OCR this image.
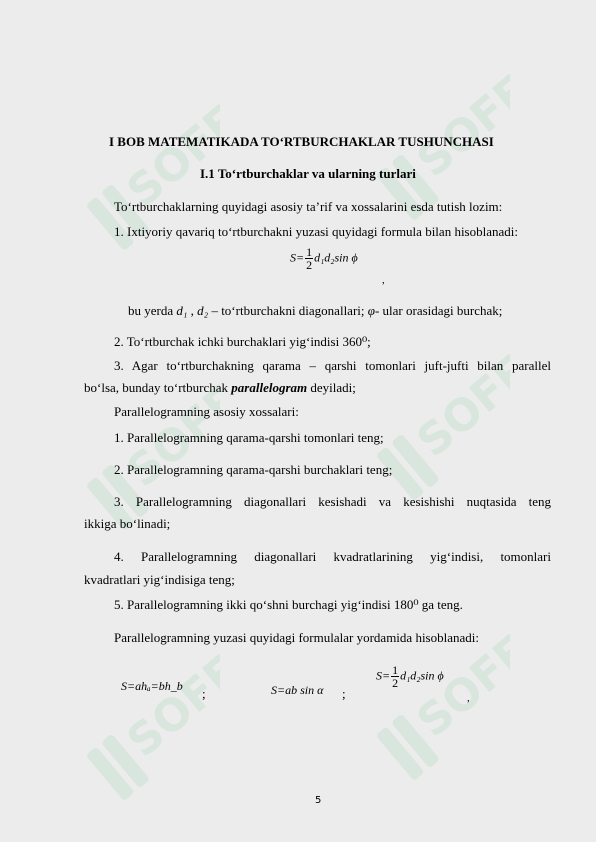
SOFF	SOFF
SOFF	SOFF
SOFF	SOFF
I BOB MATEMATIKADA TO‘RTBURCHAKLAR TUSHUNCHASI
I.1 To‘rtburchaklar va ularning turlari
To‘rtburchaklarning quyidagi asosiy ta’rif va xossalarini esda tutish lozim:
1. Ixtiyoriy qavariq to‘rtburchakni yuzasi quyidagi formula bilan hisoblanadi:
$S= \frac{1}{2} d_1d_2\sin$ ϕ
,
bu yerda d₁ , d₂ – to‘rtburchakni diagonallari; φ- ular orasidagi burchak;
2. To‘rtburchak ichki burchaklari yig‘indisi 360⁰;
3. Agar to‘rtburchakning qarama – qarshi tomonlari juft-jufti bilan parallel
bo‘lsa, bunday to‘rtburchak parallelogram deyiladi;
Parallelogramning asosiy xossalari:
1. Parallelogramning qarama-qarshi tomonlari teng;
2. Parallelogramning qarama-qarshi burchaklari teng;
3. Parallelogramning diagonallari kesishadi va kesishishi nuqtasida teng
ikkiga bo‘linadi;
4. Parallelogramning diagonallari kvadratlarining yig‘indisi, tomonlari
kvadratlari yig‘indisiga teng;
5. Parallelogramning ikki qo‘shni burchagi yig‘indisi 180⁰ ga teng.
Parallelogramning yuzasi quyidagi formulalar yordamida hisoblanadi:
S=ahₐ=bh_b ;	S=ab sin α ;
$S= \frac{1}{2} d_1d_2\sin$ ϕ
,
5
